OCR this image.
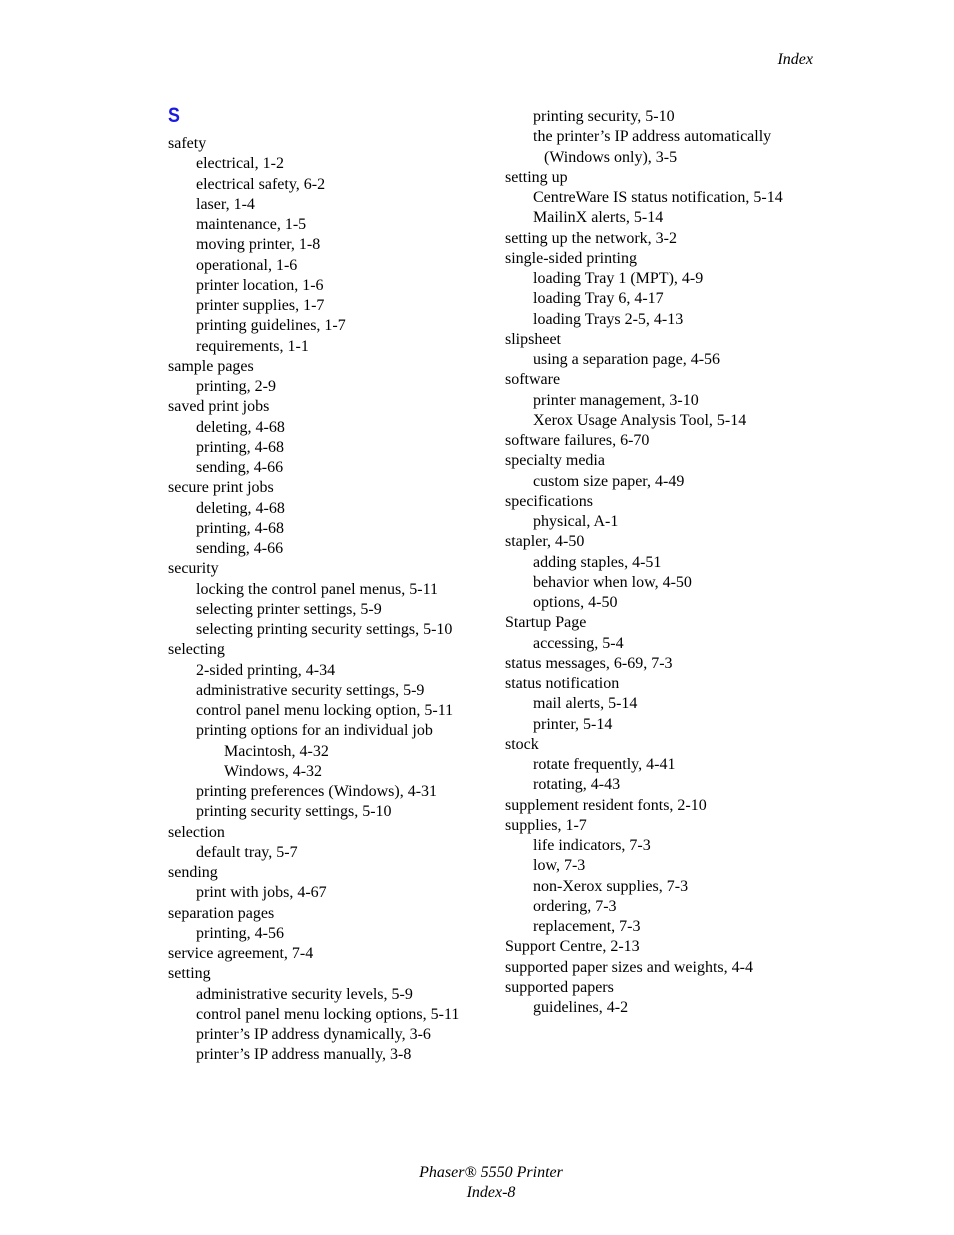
Index
S
safety
electrical, 1-2
electrical safety, 6-2
laser, 1-4
maintenance, 1-5
moving printer, 1-8
operational, 1-6
printer location, 1-6
printer supplies, 1-7
printing guidelines, 1-7
requirements, 1-1
sample pages
printing, 2-9
saved print jobs
deleting, 4-68
printing, 4-68
sending, 4-66
secure print jobs
deleting, 4-68
printing, 4-68
sending, 4-66
security
locking the control panel menus, 5-11
selecting printer settings, 5-9
selecting printing security settings, 5-10
selecting
2-sided printing, 4-34
administrative security settings, 5-9
control panel menu locking option, 5-11
printing options for an individual job
Macintosh, 4-32
Windows, 4-32
printing preferences (Windows), 4-31
printing security settings, 5-10
selection
default tray, 5-7
sending
print with jobs, 4-67
separation pages
printing, 4-56
service agreement, 7-4
setting
administrative security levels, 5-9
control panel menu locking options, 5-11
printer’s IP address dynamically, 3-6
printer’s IP address manually, 3-8
printing security, 5-10
the printer’s IP address automatically
(Windows only), 3-5
setting up
CentreWare IS status notification, 5-14
MailinX alerts, 5-14
setting up the network, 3-2
single-sided printing
loading Tray 1 (MPT), 4-9
loading Tray 6, 4-17
loading Trays 2-5, 4-13
slipsheet
using a separation page, 4-56
software
printer management, 3-10
Xerox Usage Analysis Tool, 5-14
software failures, 6-70
specialty media
custom size paper, 4-49
specifications
physical, A-1
stapler, 4-50
adding staples, 4-51
behavior when low, 4-50
options, 4-50
Startup Page
accessing, 5-4
status messages, 6-69, 7-3
status notification
mail alerts, 5-14
printer, 5-14
stock
rotate frequently, 4-41
rotating, 4-43
supplement resident fonts, 2-10
supplies, 1-7
life indicators, 7-3
low, 7-3
non-Xerox supplies, 7-3
ordering, 7-3
replacement, 7-3
Support Centre, 2-13
supported paper sizes and weights, 4-4
supported papers
guidelines, 4-2
Phaser® 5550 Printer
Index-8
